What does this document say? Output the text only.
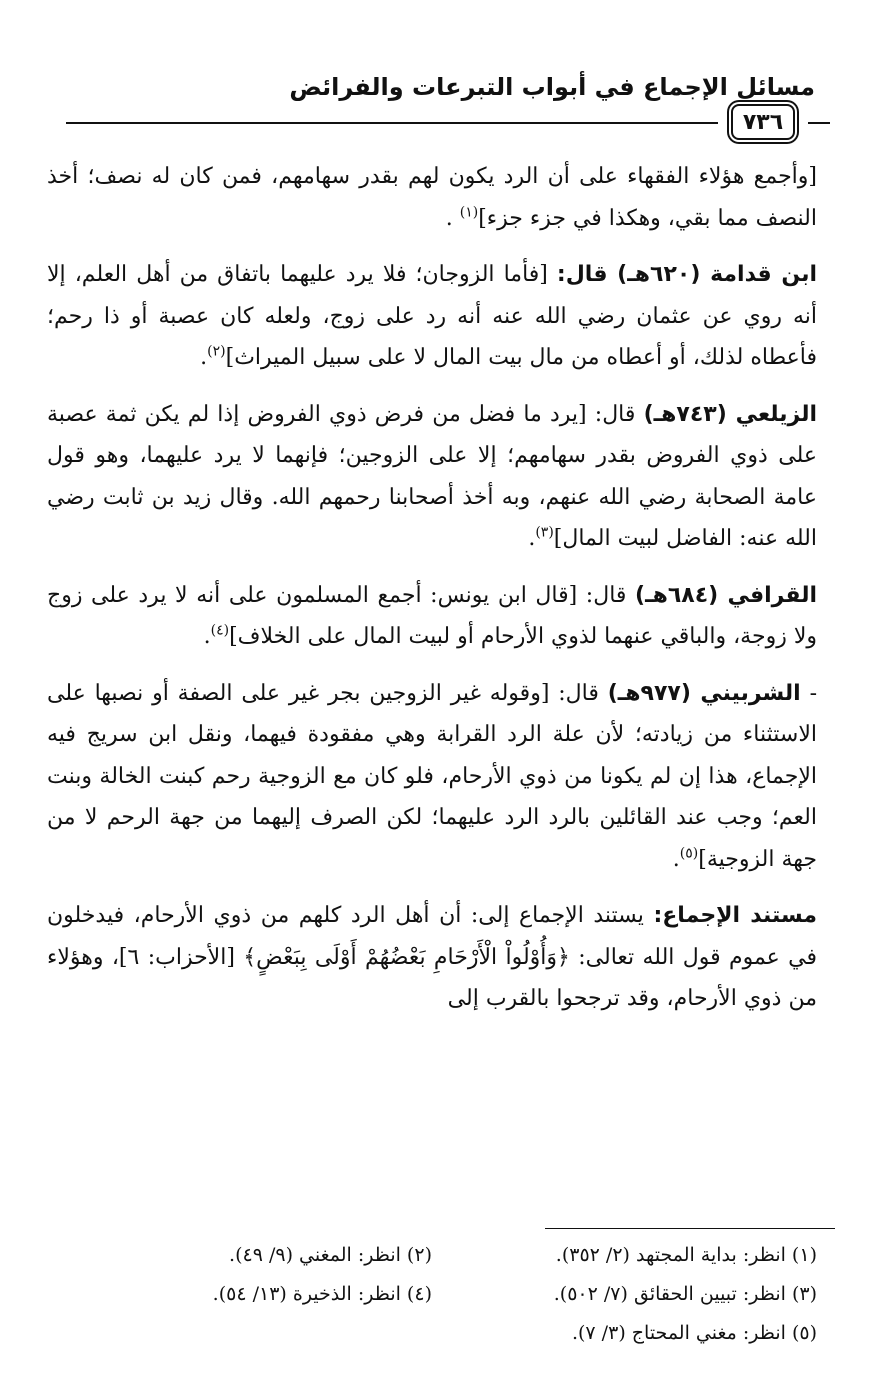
مسائل الإجماع في أبواب التبرعات والفرائض
٧٣٦

[وأجمع هؤلاء الفقهاء على أن الرد يكون لهم بقدر سهامهم، فمن كان له نصف؛ أخذ النصف مما بقي، وهكذا في جزء جزء]$^{(١)}$ .

ابن قدامة (٦٢٠هـ) قال: [فأما الزوجان؛ فلا يرد عليهما باتفاق من أهل العلم، إلا أنه روي عن عثمان رضي الله عنه أنه رد على زوج، ولعله كان عصبة أو ذا رحم؛ فأعطاه لذلك، أو أعطاه من مال بيت المال لا على سبيل الميراث]$^{(٢)}$.

الزيلعي (٧٤٣هـ) قال: [يرد ما فضل من فرض ذوي الفروض إذا لم يكن ثمة عصبة على ذوي الفروض بقدر سهامهم؛ إلا على الزوجين؛ فإنهما لا يرد عليهما، وهو قول عامة الصحابة رضي الله عنهم، وبه أخذ أصحابنا رحمهم الله. وقال زيد بن ثابت رضي الله عنه: الفاضل لبيت المال]$^{(٣)}$.

القرافي (٦٨٤هـ) قال: [قال ابن يونس: أجمع المسلمون على أنه لا يرد على زوج ولا زوجة، والباقي عنهما لذوي الأرحام أو لبيت المال على الخلاف]$^{(٤)}$.

- الشربيني (٩٧٧هـ) قال: [وقوله غير الزوجين بجر غير على الصفة أو نصبها على الاستثناء من زيادته؛ لأن علة الرد القرابة وهي مفقودة فيهما، ونقل ابن سريج فيه الإجماع، هذا إن لم يكونا من ذوي الأرحام، فلو كان مع الزوجية رحم كبنت الخالة وبنت العم؛ وجب عند القائلين بالرد الرد عليهما؛ لكن الصرف إليهما من جهة الرحم لا من جهة الزوجية]$^{(٥)}$.

مستند الإجماع: يستند الإجماع إلى: أن أهل الرد كلهم من ذوي الأرحام، فيدخلون في عموم قول الله تعالى: ﴿وَأُوْلُواْ الْأَرْحَامِ بَعْضُهُمْ أَوْلَى بِبَعْضٍ﴾ [الأحزاب: ٦]، وهؤلاء من ذوي الأرحام، وقد ترجحوا بالقرب إلى

(١) انظر: بداية المجتهد (٢/ ٣٥٢).
(٢) انظر: المغني (٩/ ٤٩).
(٣) انظر: تبيين الحقائق (٧/ ٥٠٢).
(٤) انظر: الذخيرة (١٣/ ٥٤).
(٥) انظر: مغني المحتاج (٣/ ٧).
